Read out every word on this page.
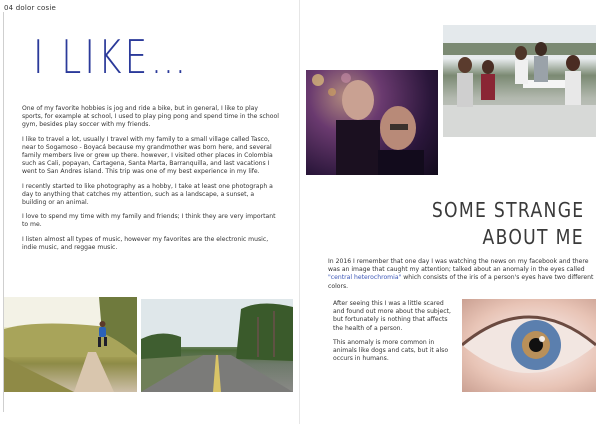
04 dolor cosie
I LIKE…

One of my favorite hobbies is jog and ride a bike, but in general, I like to play sports, for example at school, I used to play ping pong and spend time in the school gym, besides play soccer with my friends.

I like to travel a lot, usually I travel with my family to a small village called Tasco, near to Sogamoso - Boyacá because my grandmother was born here, and several family members live or grew up there. however, I visited other places in Colombia such as Cali, popayan, Cartagena, Santa Marta, Barranquilla, and last vacations I went to San Andres island. This trip was one of my best experience in my life.

I recently started to like photography as a hobby, I take at least one photograph a day to anything that catches my attention, such as a landscape, a sunset, a building or an animal.

I love to spend my time with my family and friends; I think they are very important to me.

I listen almost all types of music, however my favorites are the electronic music, indie music, and reggae music.

SOME STRANGE
ABOUT ME
In 2016 I remember that one day I was watching the news on my facebook and there was an image that caught my attention; talked about an anomaly in the eyes called "central heterochromia" which consists of the iris of a person's eyes have two different colors.

After seeing this I was a little scared and found out more about the subject, but fortunately is nothing that affects the health of a person.

This anomaly is more common in animals like dogs and cats, but it also occurs in humans.
